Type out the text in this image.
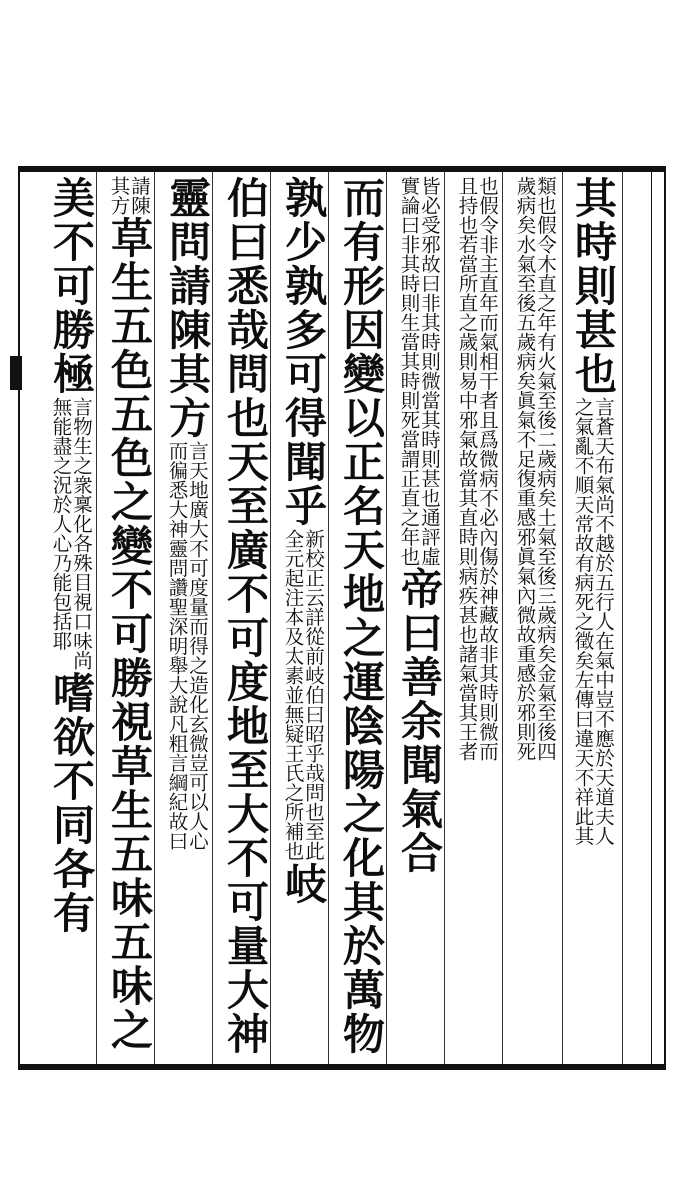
其時則甚也
言蒼天布氣尚不越於五行人在氣中豈不應於天道夫人
之氣亂不順天常故有病死之徵矣左傳曰違天不祥此其
類也假令木直之年有火氣至後二歲病矣土氣至後三歲病矣金氣至後四
歲病矣水氣至後五歲病矣眞氣不足復重感邪眞氣內微故重感於邪則死
也假令非主直年而氣相干者且爲微病不必內傷於神藏故非其時則微而
且持也若當所直之歲則易中邪氣故當其直時則病疾甚也諸氣當其王者
皆必受邪故曰非其時則微當其時則甚也通評虛
實論曰非其時則生當其時則死當謂正直之年也
帝曰善余聞氣合
而有形因變以正名天地之運陰陽之化其於萬物
孰少孰多可得聞乎
新校正云詳從前岐伯曰昭乎哉問也至此
全元起注本及太素並無疑王氏之所補也
岐
伯曰悉哉問也天至廣不可度地至大不可量大神
靈問請陳其方
言天地廣大不可度量而得之造化玄微豈可以人心
而徧悉大神靈問讚聖深明舉大說凡粗言綱紀故曰
請陳
其方
草生五色五色之變不可勝視草生五味五味之
美不可勝極
言物生之衆稟化各殊目視口味尚
無能盡之況於人心乃能包括耶
嗜欲不同各有
